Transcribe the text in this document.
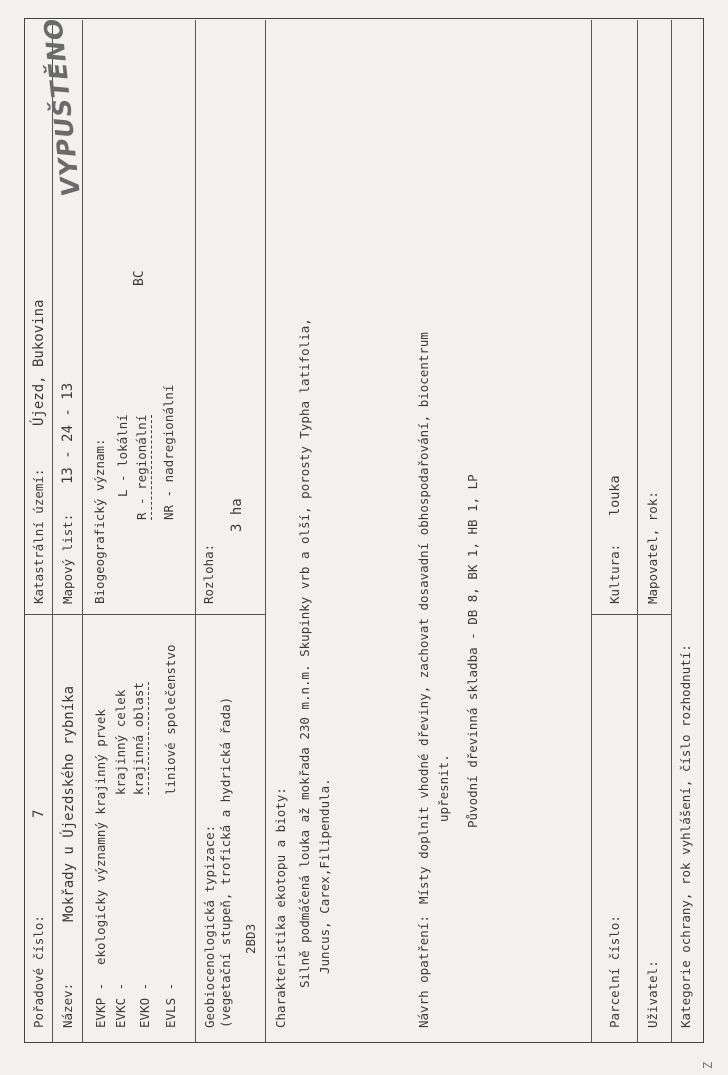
Pořadové číslo:
7
Katastrální území:
Újezd, Bukovina
Název:
Mokřady u Újezdského rybníka
Mapový list:
13 - 24 - 13
EVKP -
ekologicky významný krajinný prvek
EVKC -
krajinný celek
EVKO -
krajinná oblast
EVLS -
liniové společenstvo
Biogeografický význam: L - lokální R - regionální NR - nadregionální
BC
VYPUŠTĚNO
Geobiocenologická typizace: (vegetační stupeň, trofická a hydrická řada) 2BD3
Rozloha:
3 ha
Charakteristika ekotopu a bioty: Silně podmáčená louka až mokřada 230 m.n.m. Skupinky vrb a olší, porosty Typha latifolia, Juncus, Carex,Filipendula.	Návrh opatření:
Místy doplnit vhodné dřeviny, zachovat dosavadní obhospodařování, biocentrum upřesnit. Původní dřevinná skladba - DB 8, BK 1, HB 1, LP
Parcelní číslo:
Kultura:
louka
Uživatel:
Mapovatel, rok:
Kategorie ochrany, rok vyhlášení, číslo rozhodnutí:
Z
